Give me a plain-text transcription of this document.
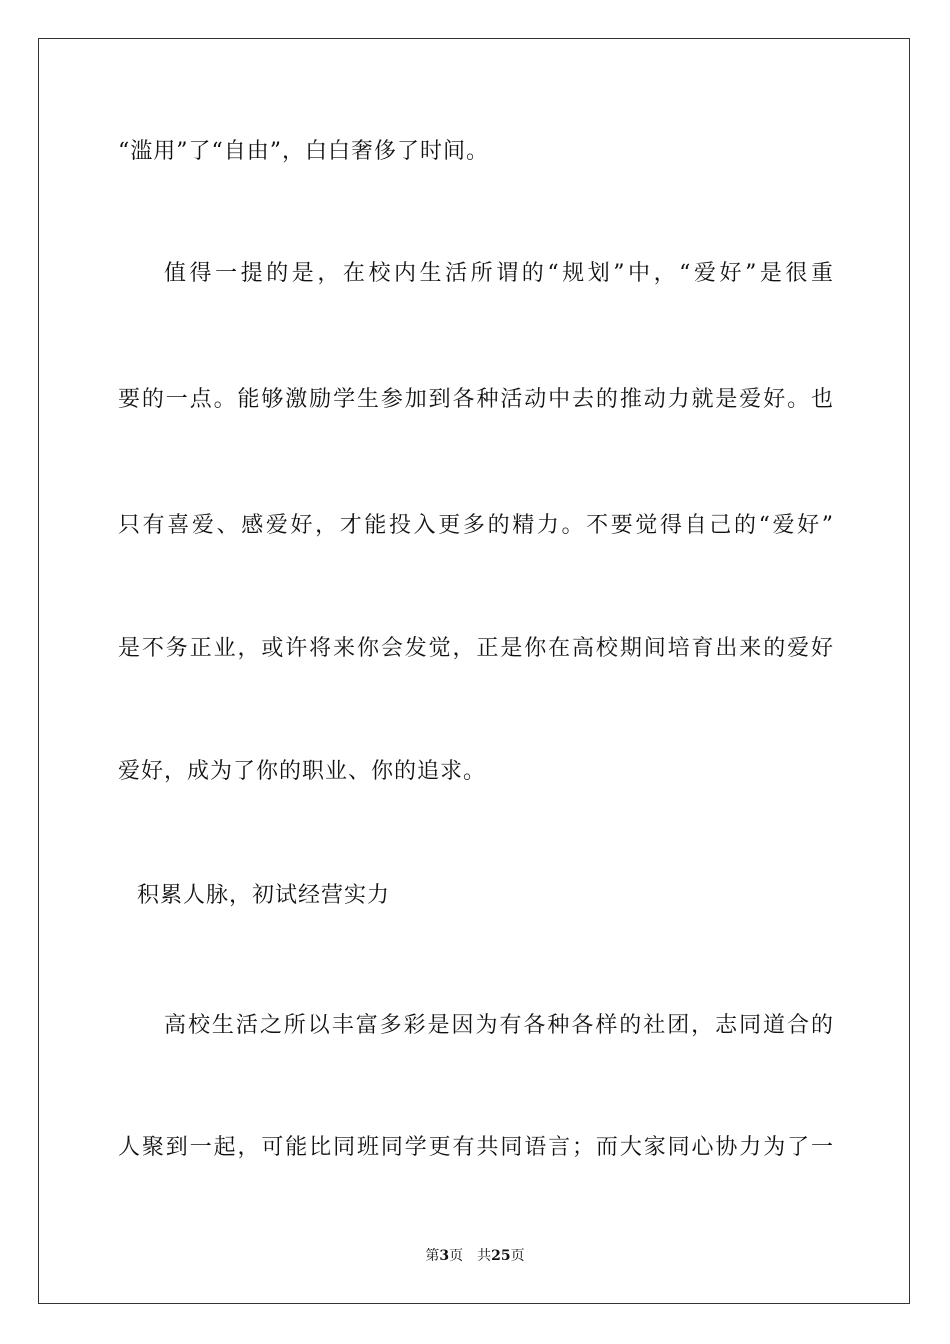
“滥用”了“自由”，白白奢侈了时间。
值得一提的是，在校内生活所谓的“规划”中，“爱好”是很重
要的一点。能够激励学生参加到各种活动中去的推动力就是爱好。也
只有喜爱、感爱好，才能投入更多的精力。不要觉得自己的“爱好”
是不务正业，或许将来你会发觉，正是你在高校期间培育出来的爱好
爱好，成为了你的职业、你的追求。
积累人脉，初试经营实力
高校生活之所以丰富多彩是因为有各种各样的社团，志同道合的
人聚到一起，可能比同班同学更有共同语言；而大家同心协力为了一
第3页 共25页
